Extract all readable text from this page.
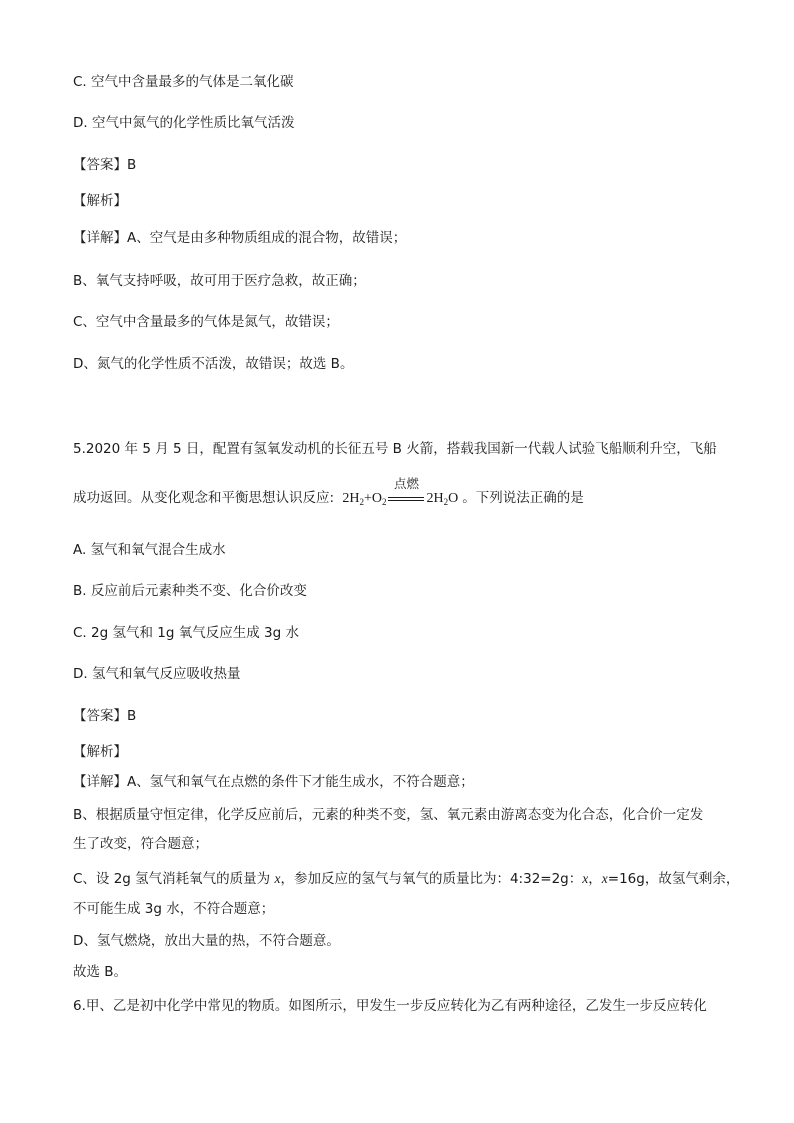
C. 空气中含量最多的气体是二氧化碳
D. 空气中氮气的化学性质比氧气活泼
【答案】B
【解析】
【详解】A、空气是由多种物质组成的混合物，故错误；
B、氧气支持呼吸，故可用于医疗急救，故正确；
C、空气中含量最多的气体是氮气，故错误；
D、氮气的化学性质不活泼，故错误；故选 B。
5.2020 年 5 月 5 日，配置有氢氧发动机的长征五号 B 火箭，搭载我国新一代载人试验飞船顺利升空，飞船
成功返回。从变化观念和平衡思想认识反应: $2H_2+O_2$
点燃
$2H_2O$ 。下列说法正确的是
A. 氢气和氧气混合生成水
B. 反应前后元素种类不变、化合价改变
C. 2g 氢气和 1g 氧气反应生成 3g 水
D. 氢气和氧气反应吸收热量
【答案】B
【解析】
【详解】A、氢气和氧气在点燃的条件下才能生成水，不符合题意；
B、根据质量守恒定律，化学反应前后，元素的种类不变，氢、氧元素由游离态变为化合态，化合价一定发
生了改变，符合题意；
C、设 2g 氢气消耗氧气的质量为 x，参加反应的氢气与氧气的质量比为：4:32=2g：x，x=16g，故氢气剩余，
不可能生成 3g 水，不符合题意；
D、氢气燃烧，放出大量的热，不符合题意。
故选 B。
6.甲、乙是初中化学中常见的物质。如图所示，甲发生一步反应转化为乙有两种途径，乙发生一步反应转化
